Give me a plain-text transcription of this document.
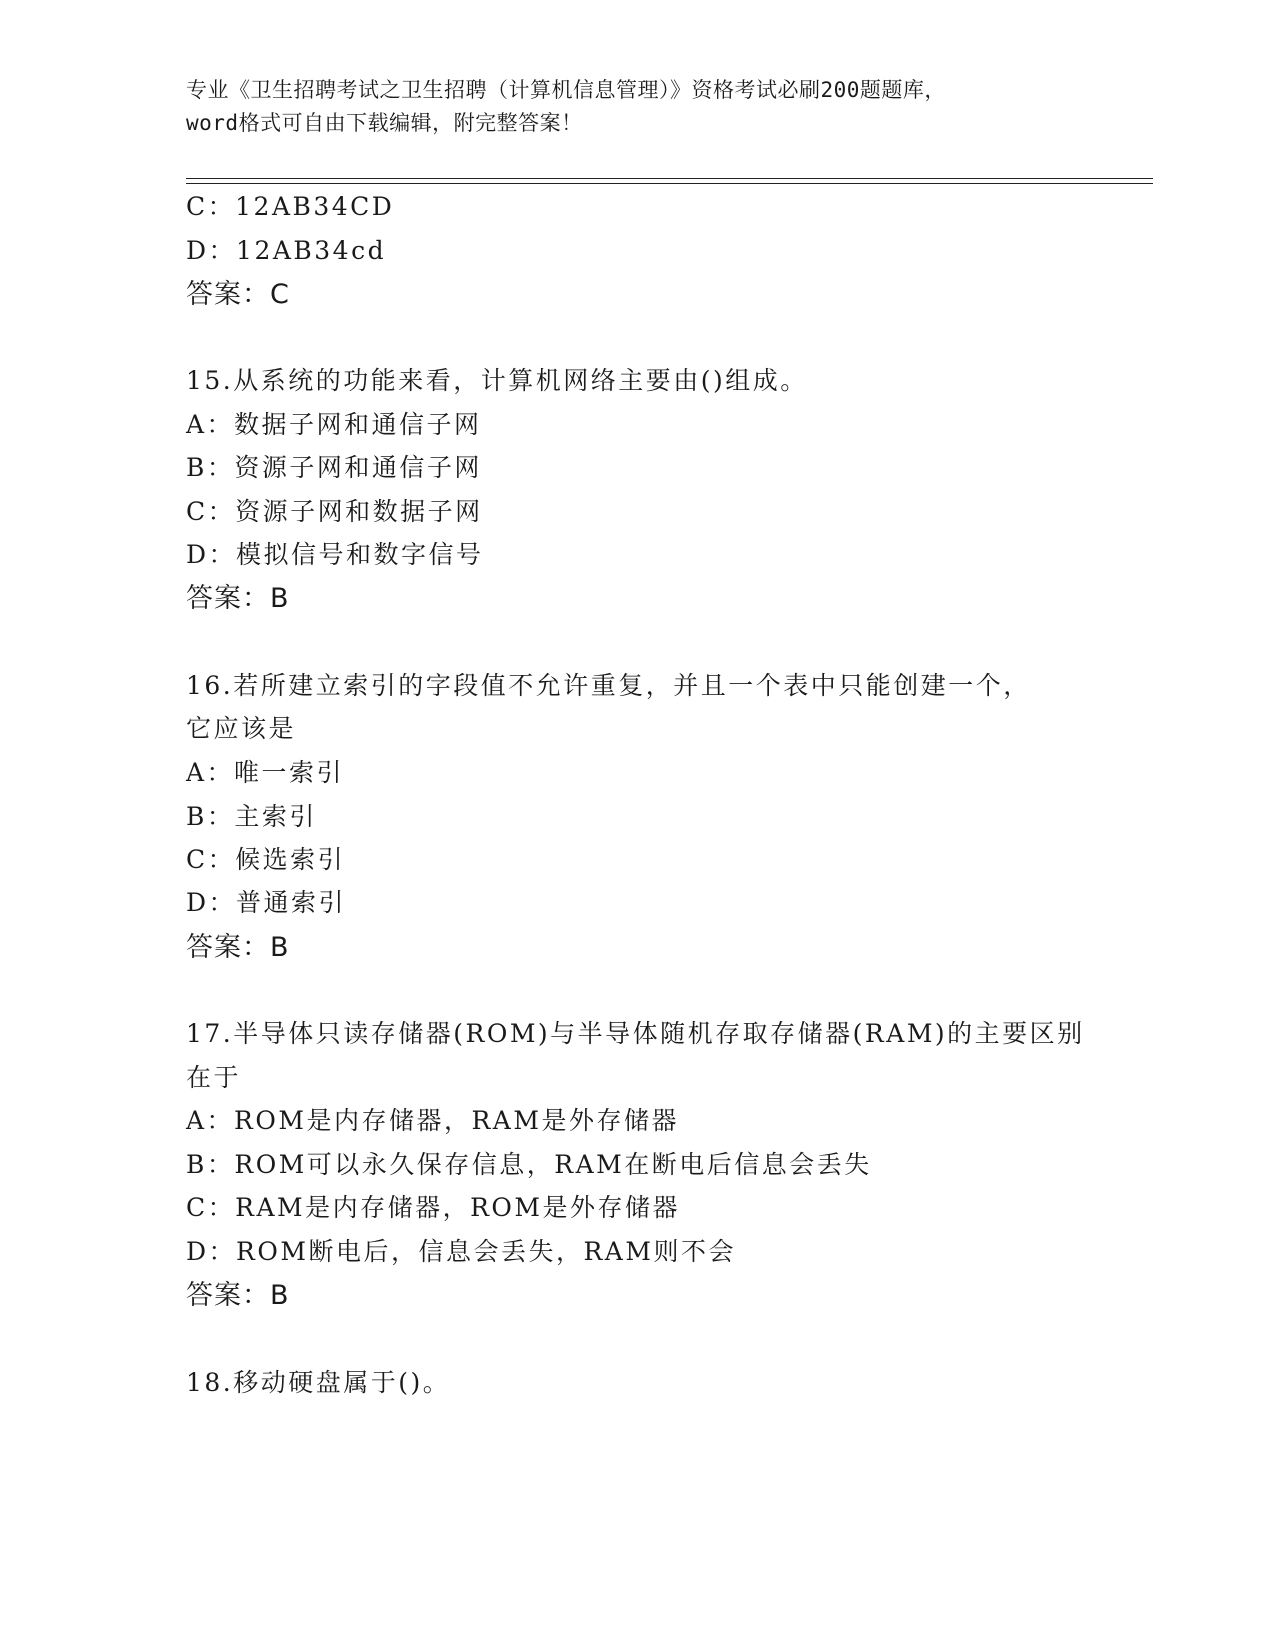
专业《卫生招聘考试之卫生招聘（计算机信息管理）》资格考试必刷200题题库，
word格式可自由下载编辑，附完整答案！
C：12AB34CD
D：12AB34cd
答案：C
15.从系统的功能来看，计算机网络主要由()组成。
A：数据子网和通信子网
B：资源子网和通信子网
C：资源子网和数据子网
D：模拟信号和数字信号
答案：B
16.若所建立索引的字段值不允许重复，并且一个表中只能创建一个，
它应该是
A：唯一索引
B：主索引
C：候选索引
D：普通索引
答案：B
17.半导体只读存储器(ROM)与半导体随机存取存储器(RAM)的主要区别
在于
A：ROM是内存储器，RAM是外存储器
B：ROM可以永久保存信息，RAM在断电后信息会丢失
C：RAM是内存储器，ROM是外存储器
D：ROM断电后，信息会丢失，RAM则不会
答案：B
18.移动硬盘属于()。
